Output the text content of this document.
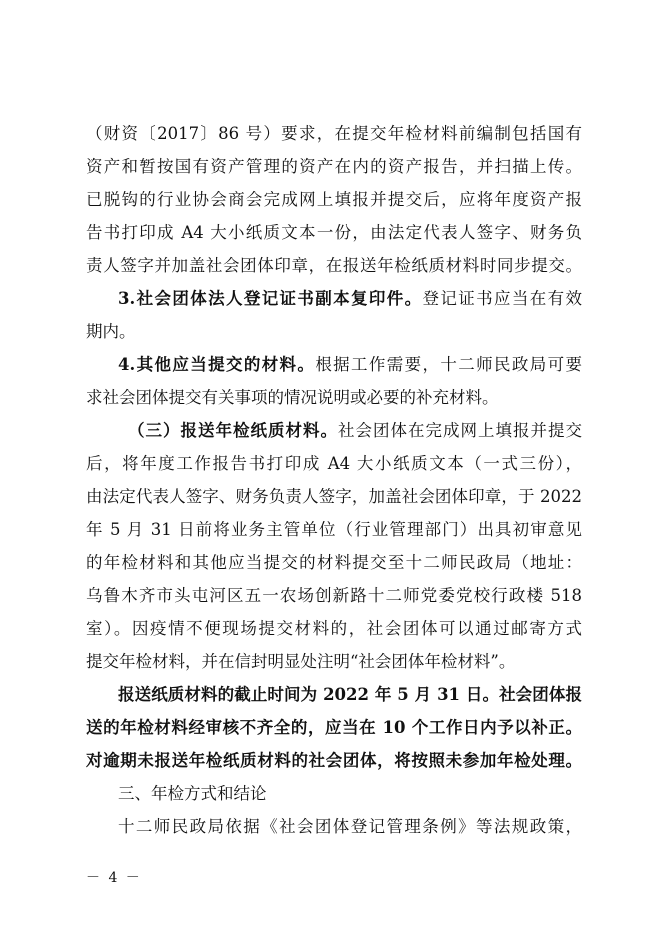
（财资〔2017〕86 号）要求，在提交年检材料前编制包括国有
资产和暂按国有资产管理的资产在内的资产报告，并扫描上传。
已脱钩的行业协会商会完成网上填报并提交后，应将年度资产报
告书打印成 A4 大小纸质文本一份，由法定代表人签字、财务负
责人签字并加盖社会团体印章，在报送年检纸质材料时同步提交。
3.社会团体法人登记证书副本复印件。登记证书应当在有效
期内。
4.其他应当提交的材料。根据工作需要，十二师民政局可要
求社会团体提交有关事项的情况说明或必要的补充材料。
（三）报送年检纸质材料。社会团体在完成网上填报并提交
后，将年度工作报告书打印成 A4 大小纸质文本（一式三份），
由法定代表人签字、财务负责人签字，加盖社会团体印章，于 2022
年 5 月 31 日前将业务主管单位（行业管理部门）出具初审意见
的年检材料和其他应当提交的材料提交至十二师民政局（地址：
乌鲁木齐市头屯河区五一农场创新路十二师党委党校行政楼 518
室）。因疫情不便现场提交材料的，社会团体可以通过邮寄方式
提交年检材料，并在信封明显处注明“社会团体年检材料”。
报送纸质材料的截止时间为 2022 年 5 月 31 日。社会团体报
送的年检材料经审核不齐全的，应当在 10 个工作日内予以补正。
对逾期未报送年检纸质材料的社会团体，将按照未参加年检处理。
三、年检方式和结论
十二师民政局依据《社会团体登记管理条例》等法规政策，
－ 4 －
